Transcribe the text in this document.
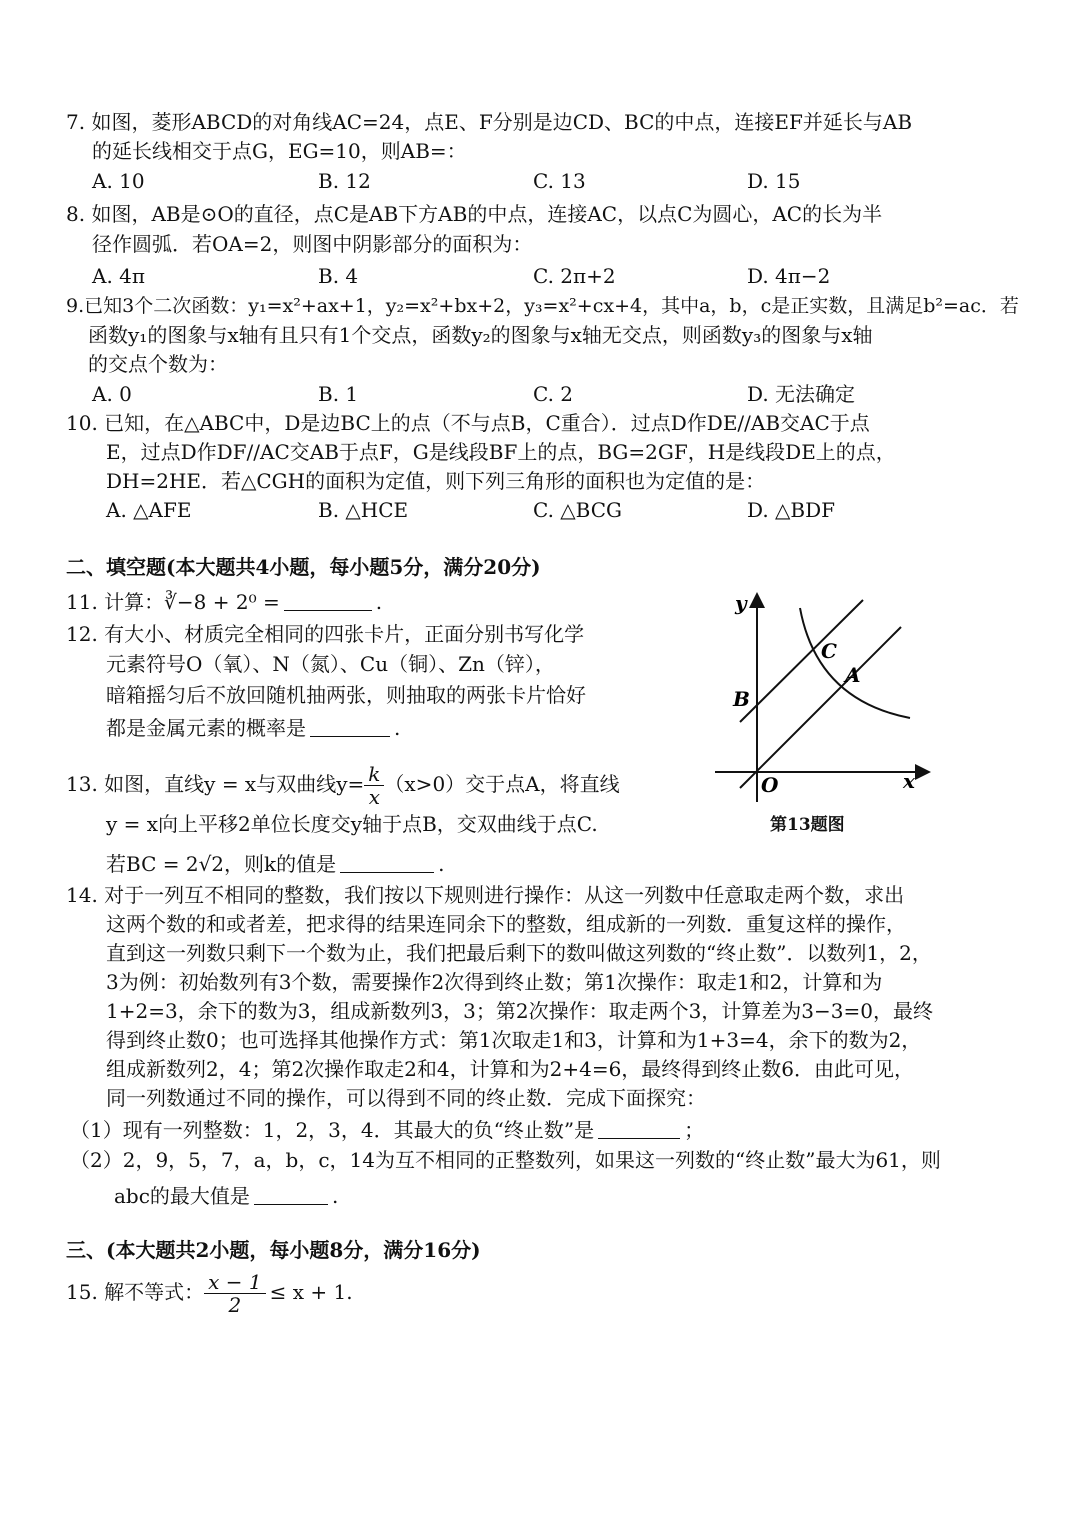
7. 如图，菱形ABCD的对角线AC=24，点E、F分别是边CD、BC的中点，连接EF并延长与AB
的延长线相交于点G，EG=10，则AB=：
A. 10	B. 12	C. 13	D. 15
8. 如图，AB是⊙O的直径，点C是AB下方AB的中点，连接AC，以点C为圆心，AC的长为半
径作圆弧．若OA=2，则图中阴影部分的面积为：
A. 4π	B. 4	C. 2π+2	D. 4π−2
9.已知3个二次函数：y₁=x²+ax+1，y₂=x²+bx+2，y₃=x²+cx+4，其中a，b，c是正实数，且满足b²=ac．若
函数y₁的图象与x轴有且只有1个交点，函数y₂的图象与x轴无交点，则函数y₃的图象与x轴
的交点个数为：
A. 0	B. 1	C. 2	D. 无法确定
10. 已知，在△ABC中，D是边BC上的点（不与点B，C重合）．过点D作DE//AB交AC于点
E，过点D作DF//AC交AB于点F，G是线段BF上的点，BG=2GF，H是线段DE上的点，
DH=2HE．若△CGH的面积为定值，则下列三角形的面积也为定值的是：
A. △AFE	B. △HCE	C. △BCG	D. △BDF
二、填空题(本大题共4小题，每小题5分，满分20分)
11. 计算：∛−8 + 2⁰ =	.
12. 有大小、材质完全相同的四张卡片，正面分别书写化学
元素符号O（氧）、N（氮）、Cu（铜）、Zn（锌），
暗箱摇匀后不放回随机抽两张，则抽取的两张卡片恰好
都是金属元素的概率是	.
13. 如图，直线y = x与双曲线$y= \frac{k}{x} (x>0)$交于点A，将直线
y = x向上平移2单位长度交y轴于点B，交双曲线于点C.
若BC = 2√2，则k的值是	.
y
x
O
B
C
A
第13题图
14. 对于一列互不相同的整数，我们按以下规则进行操作：从这一列数中任意取走两个数，求出
这两个数的和或者差，把求得的结果连同余下的整数，组成新的一列数．重复这样的操作，
直到这一列数只剩下一个数为止，我们把最后剩下的数叫做这列数的“终止数”．以数列1，2，
3为例：初始数列有3个数，需要操作2次得到终止数；第1次操作：取走1和2，计算和为
1+2=3，余下的数为3，组成新数列3，3；第2次操作：取走两个3，计算差为3−3=0，最终
得到终止数0；也可选择其他操作方式：第1次取走1和3，计算和为1+3=4，余下的数为2，
组成新数列2，4；第2次操作取走2和4，计算和为2+4=6，最终得到终止数6．由此可见，
同一列数通过不同的操作，可以得到不同的终止数．完成下面探究：
（1）现有一列整数：1，2，3，4．其最大的负“终止数”是	；
（2）2，9，5，7，a，b，c，14为互不相同的正整数列，如果这一列数的“终止数”最大为61，则
abc的最大值是	.
三、(本大题共2小题，每小题8分，满分16分)
15. 解不等式： $\frac{x - 1}{2} \le x + 1$.
